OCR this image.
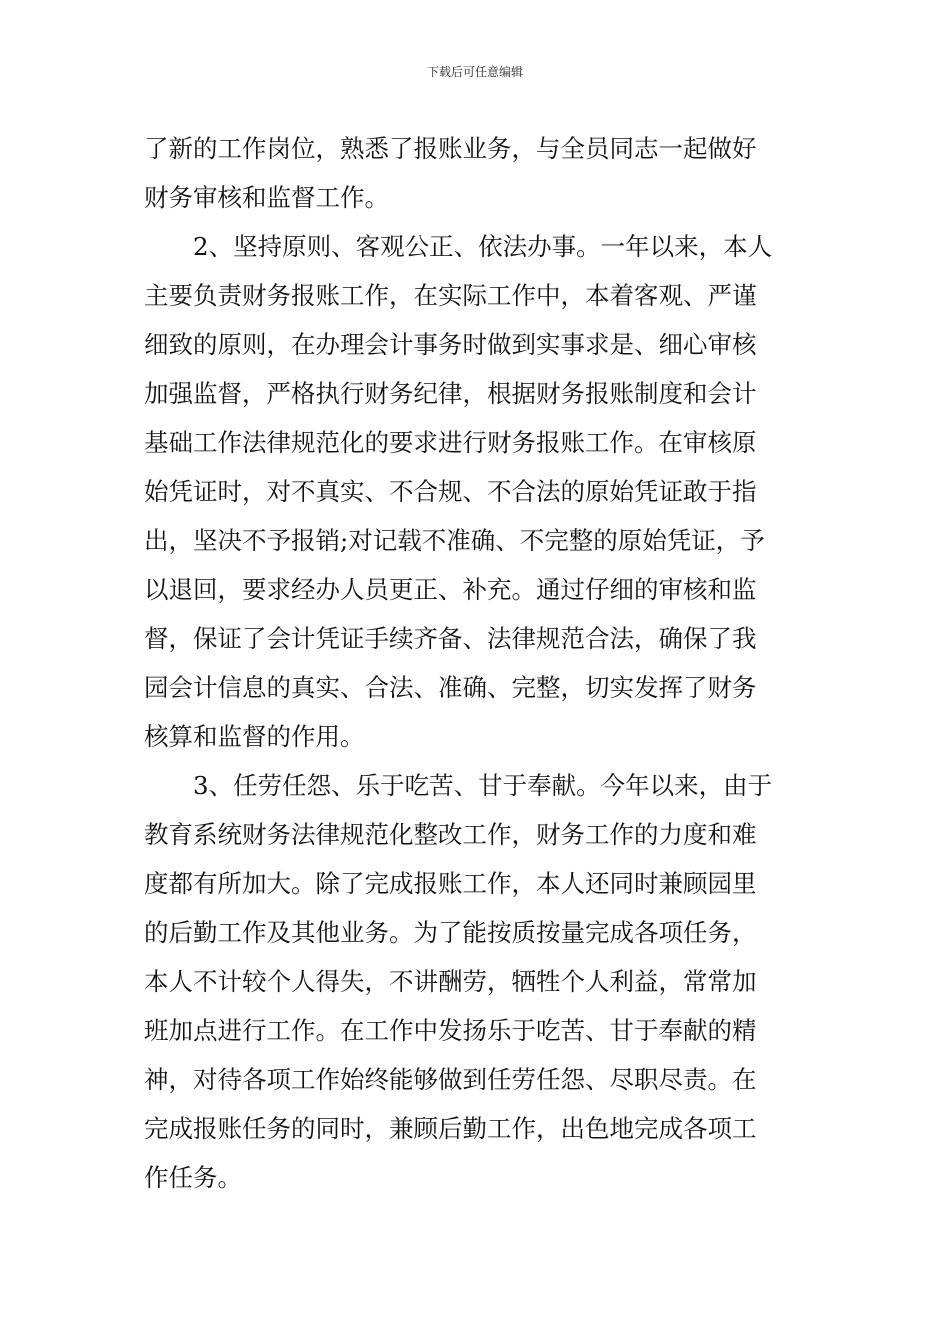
下载后可任意编辑
了新的工作岗位，熟悉了报账业务，与全员同志一起做好
财务审核和监督工作。
2、坚持原则、客观公正、依法办事。一年以来，本人
主要负责财务报账工作，在实际工作中，本着客观、严谨
细致的原则，在办理会计事务时做到实事求是、细心审核
加强监督，严格执行财务纪律，根据财务报账制度和会计
基础工作法律规范化的要求进行财务报账工作。在审核原
始凭证时，对不真实、不合规、不合法的原始凭证敢于指
出，坚决不予报销;对记载不准确、不完整的原始凭证，予
以退回，要求经办人员更正、补充。通过仔细的审核和监
督，保证了会计凭证手续齐备、法律规范合法，确保了我
园会计信息的真实、合法、准确、完整，切实发挥了财务
核算和监督的作用。
3、任劳任怨、乐于吃苦、甘于奉献。今年以来，由于
教育系统财务法律规范化整改工作，财务工作的力度和难
度都有所加大。除了完成报账工作，本人还同时兼顾园里
的后勤工作及其他业务。为了能按质按量完成各项任务，
本人不计较个人得失，不讲酬劳，牺牲个人利益，常常加
班加点进行工作。在工作中发扬乐于吃苦、甘于奉献的精
神，对待各项工作始终能够做到任劳任怨、尽职尽责。在
完成报账任务的同时，兼顾后勤工作，出色地完成各项工
作任务。
